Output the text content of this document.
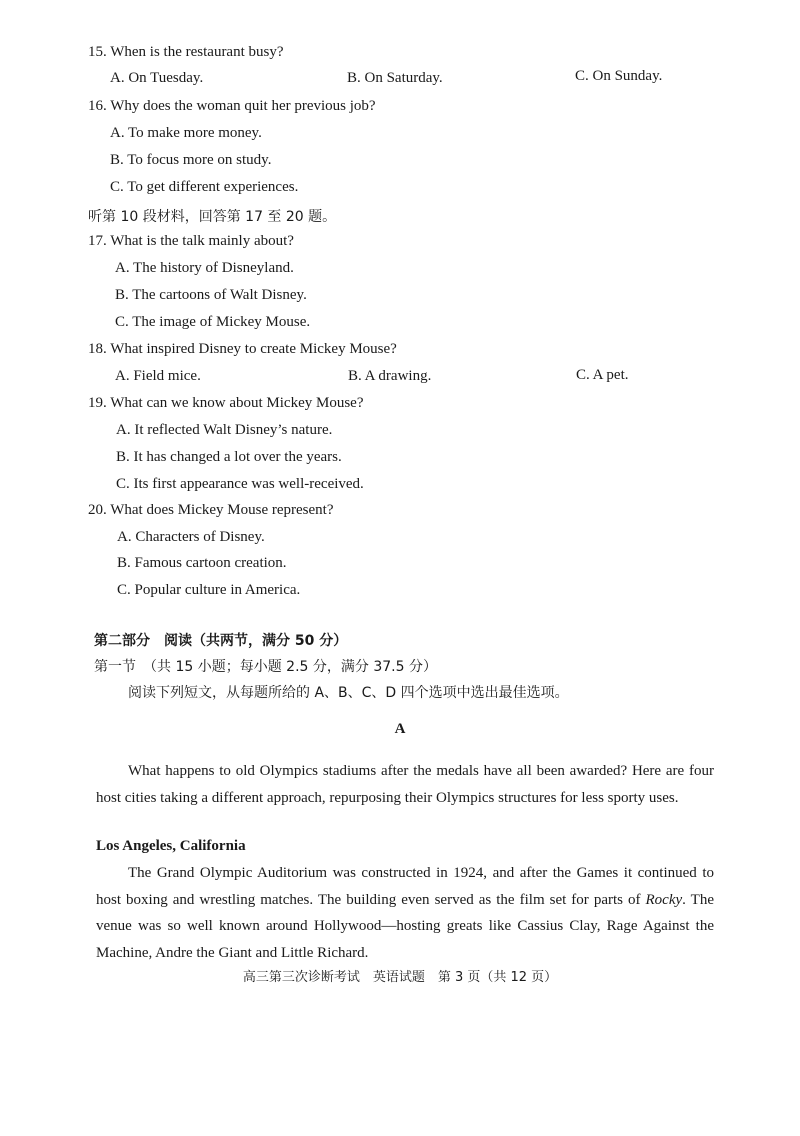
15. When is the restaurant busy?
A. On Tuesday.	B. On Saturday.	C. On Sunday.
16. Why does the woman quit her previous job?
A. To make more money.
B. To focus more on study.
C. To get different experiences.
听第 10 段材料，回答第 17 至 20 题。
17. What is the talk mainly about?
A. The history of Disneyland.
B. The cartoons of Walt Disney.
C. The image of Mickey Mouse.
18. What inspired Disney to create Mickey Mouse?
A. Field mice.	B. A drawing.	C. A pet.
19. What can we know about Mickey Mouse?
A. It reflected Walt Disney’s nature.
B. It has changed a lot over the years.
C. Its first appearance was well-received.
20. What does Mickey Mouse represent?
A. Characters of Disney.
B. Famous cartoon creation.
C. Popular culture in America.
第二部分　阅读（共两节，满分 50 分）
第一节　（共 15 小题；每小题 2.5 分，满分 37.5 分）
阅读下列短文，从每题所给的 A、B、C、D 四个选项中选出最佳选项。
A

What happens to old Olympics stadiums after the medals have all been awarded? Here are four host cities taking a different approach, repurposing their Olympics structures for less sporty uses.

Los Angeles, California

The Grand Olympic Auditorium was constructed in 1924, and after the Games it continued to host boxing and wrestling matches. The building even served as the film set for parts of Rocky. The venue was so well known around Hollywood—hosting greats like Cassius Clay, Rage Against the Machine, Andre the Giant and Little Richard.

高三第三次诊断考试　英语试题　第 3 页（共 12 页）
